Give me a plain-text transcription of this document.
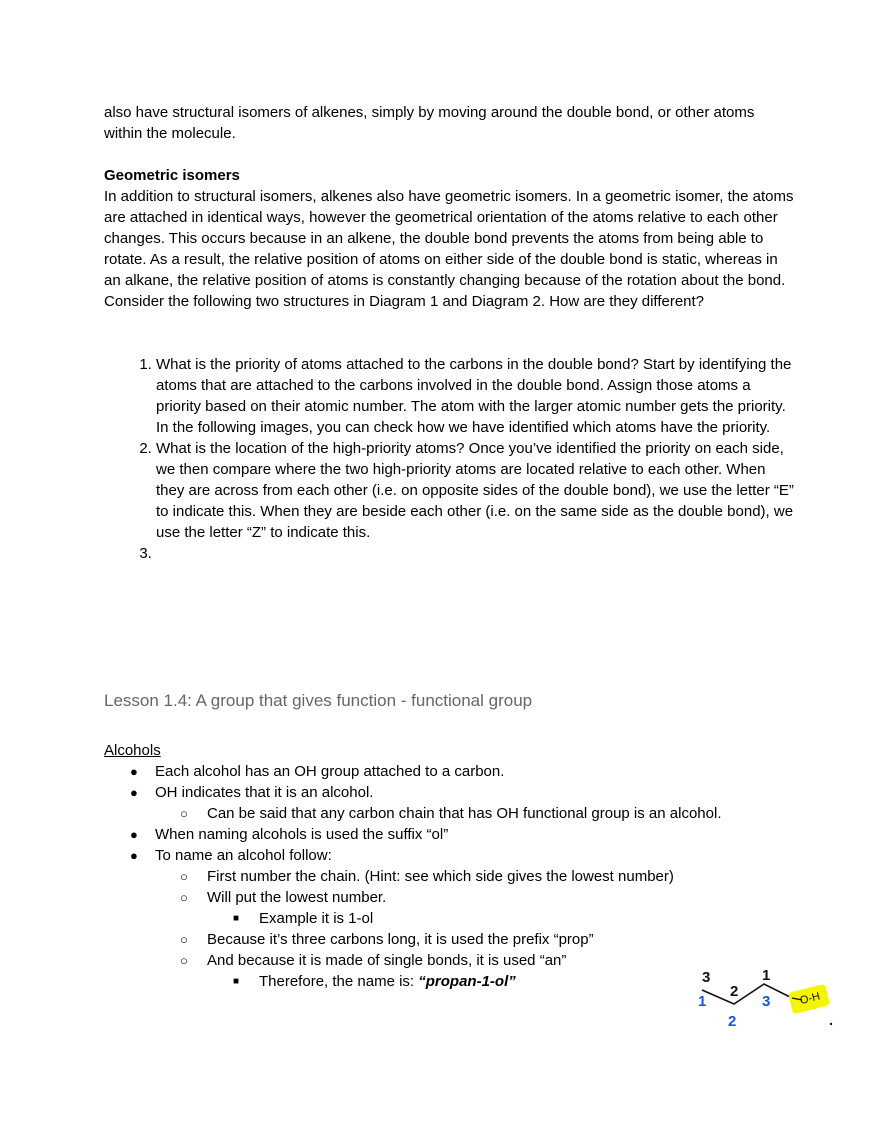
also have structural isomers of alkenes, simply by moving around the double bond, or other atoms within the molecule.

Geometric isomers

In addition to structural isomers, alkenes also have geometric isomers. In a geometric isomer, the atoms are attached in identical ways, however the geometrical orientation of the atoms relative to each other changes. This occurs because in an alkene, the double bond prevents the atoms from being able to rotate. As a result, the relative position of atoms on either side of the double bond is static, whereas in an alkane, the relative position of atoms is constantly changing because of the rotation about the bond.

Consider the following two structures in Diagram 1 and Diagram 2. How are they different?

1. What is the priority of atoms attached to the carbons in the double bond? Start by identifying the atoms that are attached to the carbons involved in the double bond. Assign those atoms a priority based on their atomic number. The atom with the larger atomic number gets the priority. In the following images, you can check how we have identified which atoms have the priority.
2. What is the location of the high-priority atoms? Once you’ve identified the priority on each side, we then compare where the two high-priority atoms are located relative to each other. When they are across from each other (i.e. on opposite sides of the double bond), we use the letter “E” to indicate this. When they are beside each other (i.e. on the same side as the double bond), we use the letter “Z” to indicate this.
3.

Lesson 1.4: A group that gives function - functional group

Alcohols

● Each alcohol has an OH group attached to a carbon.
● OH indicates that it is an alcohol.
○ Can be said that any carbon chain that has OH functional group is an alcohol.
● When naming alcohols is used the suffix “ol”
● To name an alcohol follow:
○ First number the chain. (Hint: see which side gives the lowest number)
○ Will put the lowest number.
■ Example it is 1-ol
○ Because it’s three carbons long, it is used the prefix “prop”
○ And because it is made of single bonds, it is used “an”
■ Therefore, the name is: “propan-1-ol”
O-H
3
2
1
1
2
3
